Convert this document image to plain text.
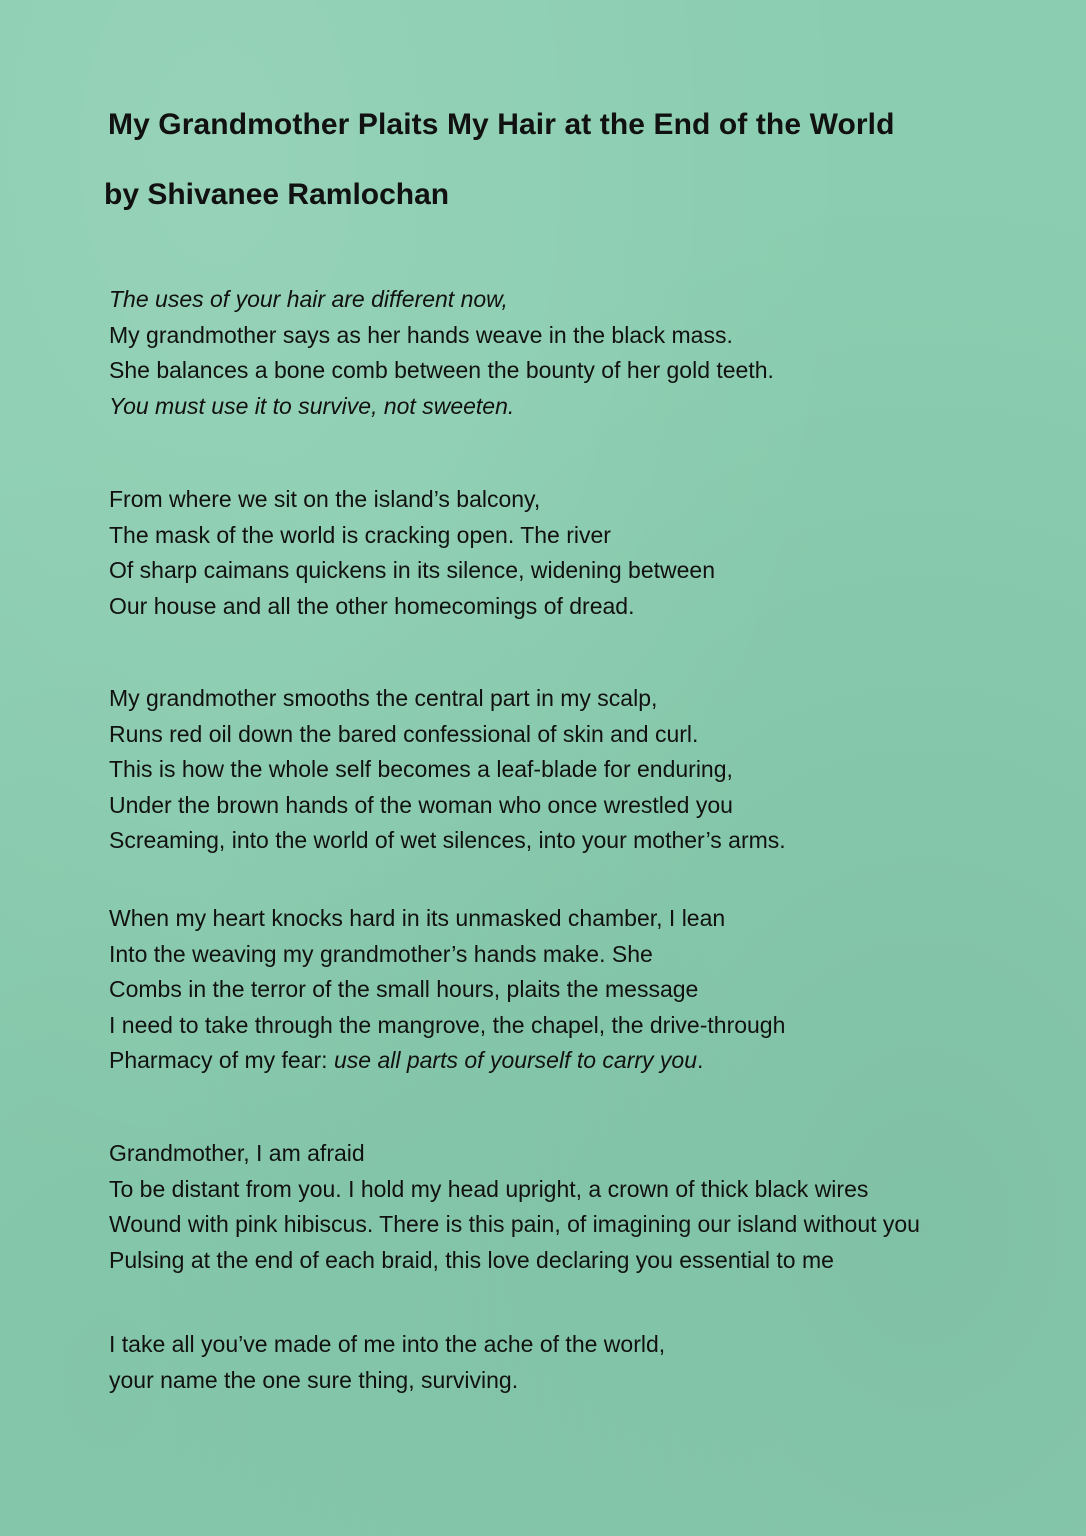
My Grandmother Plaits My Hair at the End of the World
by Shivanee Ramlochan

The uses of your hair are different now,
My grandmother says as her hands weave in the black mass.
She balances a bone comb between the bounty of her gold teeth.
You must use it to survive, not sweeten.

From where we sit on the island’s balcony,
The mask of the world is cracking open. The river
Of sharp caimans quickens in its silence, widening between
Our house and all the other homecomings of dread.

My grandmother smooths the central part in my scalp,
Runs red oil down the bared confessional of skin and curl.
This is how the whole self becomes a leaf-blade for enduring,
Under the brown hands of the woman who once wrestled you
Screaming, into the world of wet silences, into your mother’s arms.

When my heart knocks hard in its unmasked chamber, I lean
Into the weaving my grandmother’s hands make. She
Combs in the terror of the small hours, plaits the message
I need to take through the mangrove, the chapel, the drive-through
Pharmacy of my fear: use all parts of yourself to carry you.

Grandmother, I am afraid
To be distant from you. I hold my head upright, a crown of thick black wires
Wound with pink hibiscus. There is this pain, of imagining our island without you
Pulsing at the end of each braid, this love declaring you essential to me

I take all you’ve made of me into the ache of the world,
your name the one sure thing, surviving.
